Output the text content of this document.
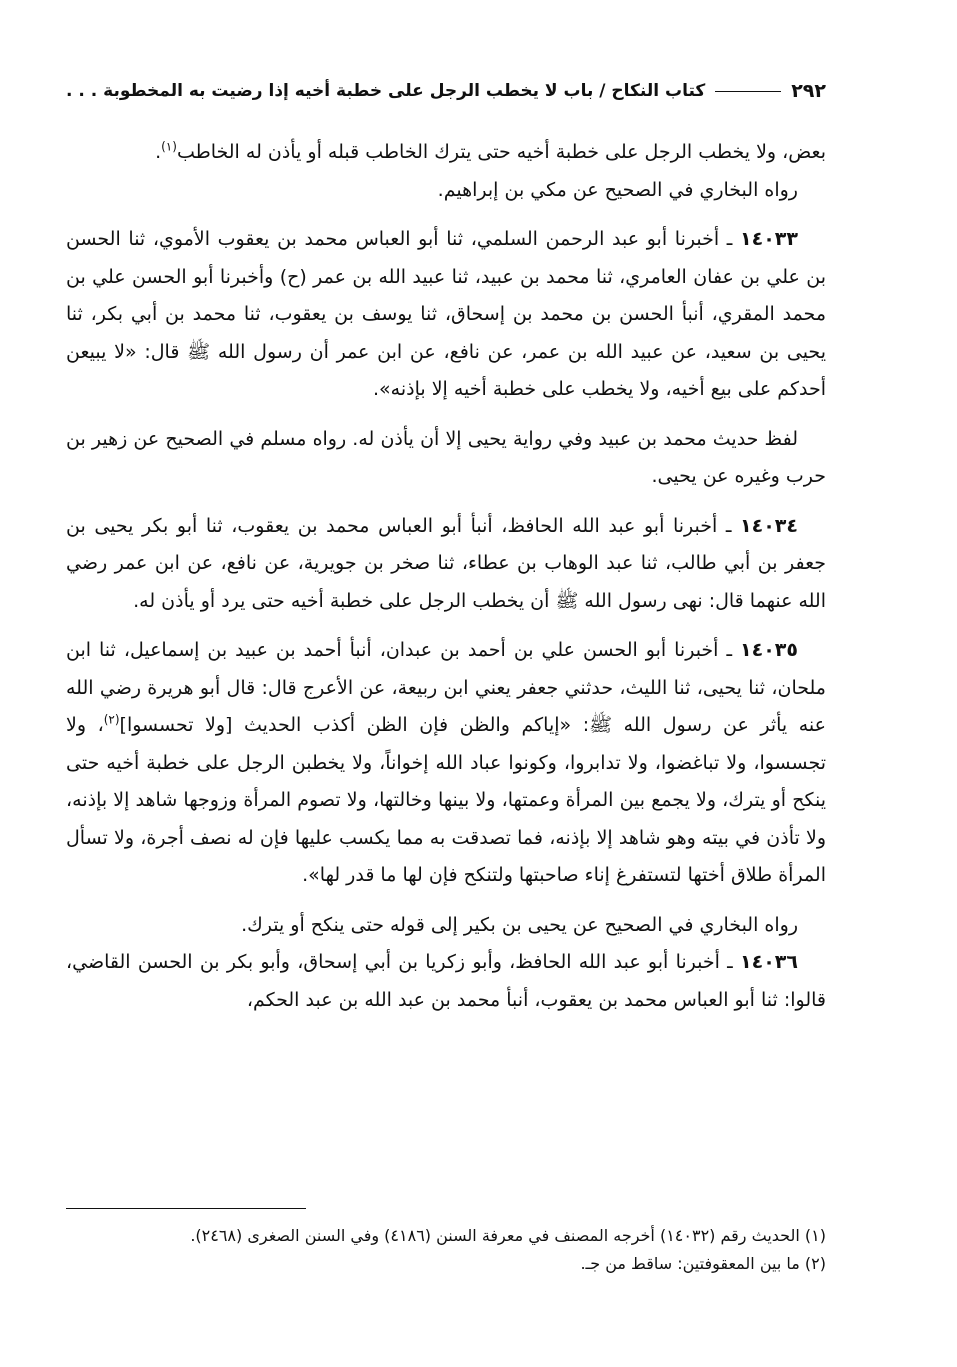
٢٩٢
كتاب النكاح / باب لا يخطب الرجل على خطبة أخيه إذا رضيت به المخطوبة . . .

بعض، ولا يخطب الرجل على خطبة أخيه حتى يترك الخاطب قبله أو يأذن له الخاطب$^{(١)}$.

رواه البخاري في الصحيح عن مكي بن إبراهيم.

١٤٠٣٣ ـ أخبرنا أبو عبد الرحمن السلمي، ثنا أبو العباس محمد بن يعقوب الأموي، ثنا الحسن بن علي بن عفان العامري، ثنا محمد بن عبيد، ثنا عبيد الله بن عمر (ح) وأخبرنا أبو الحسن علي بن محمد المقري، أنبأ الحسن بن محمد بن إسحاق، ثنا يوسف بن يعقوب، ثنا محمد بن أبي بكر، ثنا يحيى بن سعيد، عن عبيد الله بن عمر، عن نافع، عن ابن عمر أن رسول الله ﷺ قال: «لا يبيعن أحدكم على بيع أخيه، ولا يخطب على خطبة أخيه إلا بإذنه».

لفظ حديث محمد بن عبيد وفي رواية يحيى إلا أن يأذن له. رواه مسلم في الصحيح عن زهير بن حرب وغيره عن يحيى.

١٤٠٣٤ ـ أخبرنا أبو عبد الله الحافظ، أنبأ أبو العباس محمد بن يعقوب، ثنا أبو بكر يحيى بن جعفر بن أبي طالب، ثنا عبد الوهاب بن عطاء، ثنا صخر بن جويرية، عن نافع، عن ابن عمر رضي الله عنهما قال: نهى رسول الله ﷺ أن يخطب الرجل على خطبة أخيه حتى يرد أو يأذن له.

١٤٠٣٥ ـ أخبرنا أبو الحسن علي بن أحمد بن عبدان، أنبأ أحمد بن عبيد بن إسماعيل، ثنا ابن ملحان، ثنا يحيى، ثنا الليث، حدثني جعفر يعني ابن ربيعة، عن الأعرج قال: قال أبو هريرة رضي الله عنه يأثر عن رسول الله ﷺ: «إياكم والظن فإن الظن أكذب الحديث [ولا تحسسوا]$^{(٢)}$، ولا تجسسوا، ولا تباغضوا، ولا تدابروا، وكونوا عباد الله إخواناً، ولا يخطبن الرجل على خطبة أخيه حتى ينكح أو يترك، ولا يجمع بين المرأة وعمتها، ولا بينها وخالتها، ولا تصوم المرأة وزوجها شاهد إلا بإذنه، ولا تأذن في بيته وهو شاهد إلا بإذنه، فما تصدقت به مما يكسب عليها فإن له نصف أجرة، ولا تسأل المرأة طلاق أختها لتستفرغ إناء صاحبتها ولتنكح فإن لها ما قدر لها».

رواه البخاري في الصحيح عن يحيى بن بكير إلى قوله حتى ينكح أو يترك.

١٤٠٣٦ ـ أخبرنا أبو عبد الله الحافظ، وأبو زكريا بن أبي إسحاق، وأبو بكر بن الحسن القاضي، قالوا: ثنا أبو العباس محمد بن يعقوب، أنبأ محمد بن عبد الله بن عبد الحكم،

(١) الحديث رقم (١٤٠٣٢) أخرجه المصنف في معرفة السنن (٤١٨٦) وفي السنن الصغرى (٢٤٦٨).

(٢) ما بين المعقوفتين: ساقط من جـ.
